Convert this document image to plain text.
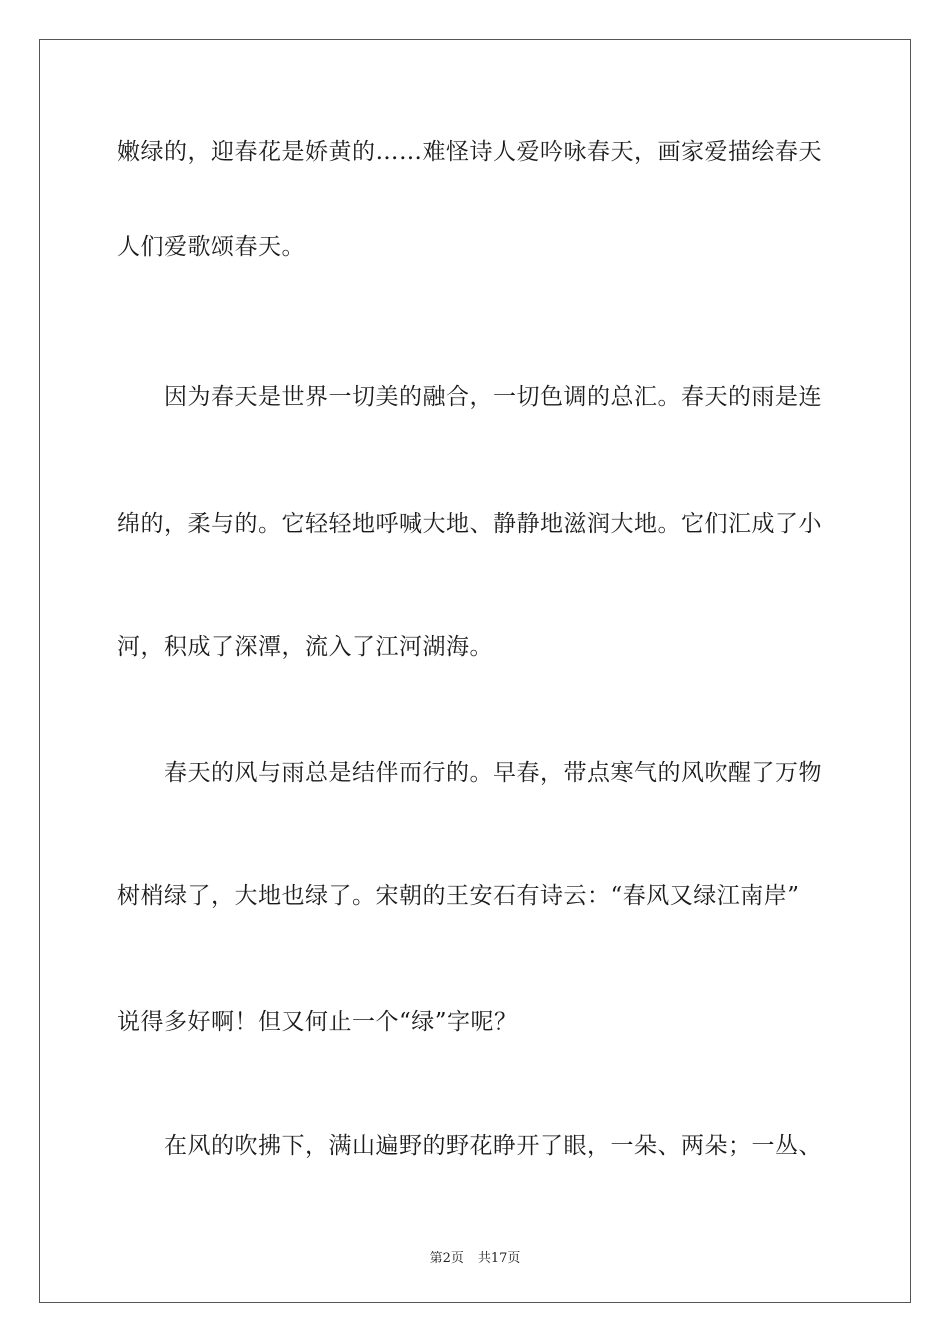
嫩绿的，迎春花是娇黄的……难怪诗人爱吟咏春天，画家爱描绘春天
人们爱歌颂春天。
因为春天是世界一切美的融合，一切色调的总汇。春天的雨是连
绵的，柔与的。它轻轻地呼喊大地、静静地滋润大地。它们汇成了小
河，积成了深潭，流入了江河湖海。
春天的风与雨总是结伴而行的。早春，带点寒气的风吹醒了万物
树梢绿了，大地也绿了。宋朝的王安石有诗云：“春风又绿江南岸”
说得多好啊！但又何止一个“绿”字呢？
在风的吹拂下，满山遍野的野花睁开了眼，一朵、两朵；一丛、
第2页 共17页
